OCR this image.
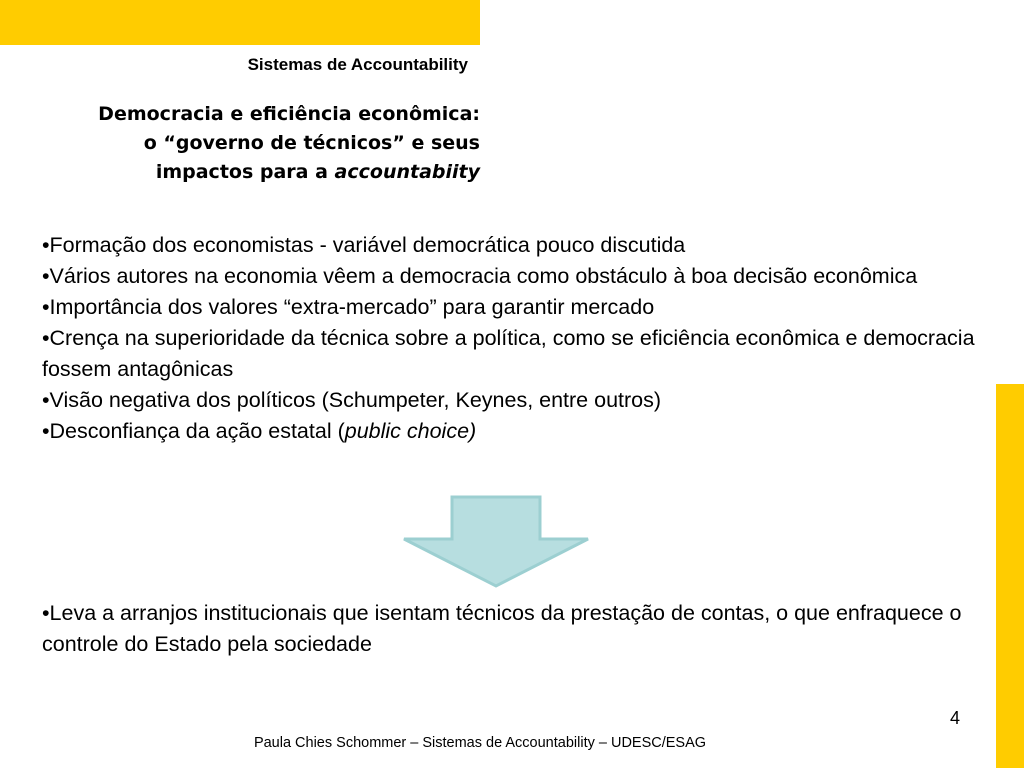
Sistemas de Accountability
Democracia e eficiência econômica:
o “governo de técnicos” e seus
impactos para a accountabiity
•Formação dos economistas - variável democrática pouco discutida
•Vários autores na economia vêem a democracia como obstáculo à boa decisão econômica
•Importância dos valores “extra-mercado” para garantir mercado
•Crença na superioridade da técnica sobre a política, como se eficiência econômica e democracia fossem antagônicas
•Visão negativa dos políticos (Schumpeter, Keynes, entre outros)
•Desconfiança da ação estatal (public choice)
•Leva a arranjos institucionais que isentam técnicos da prestação de contas, o que enfraquece o controle do Estado pela sociedade
4
Paula Chies Schommer – Sistemas de Accountability – UDESC/ESAG
